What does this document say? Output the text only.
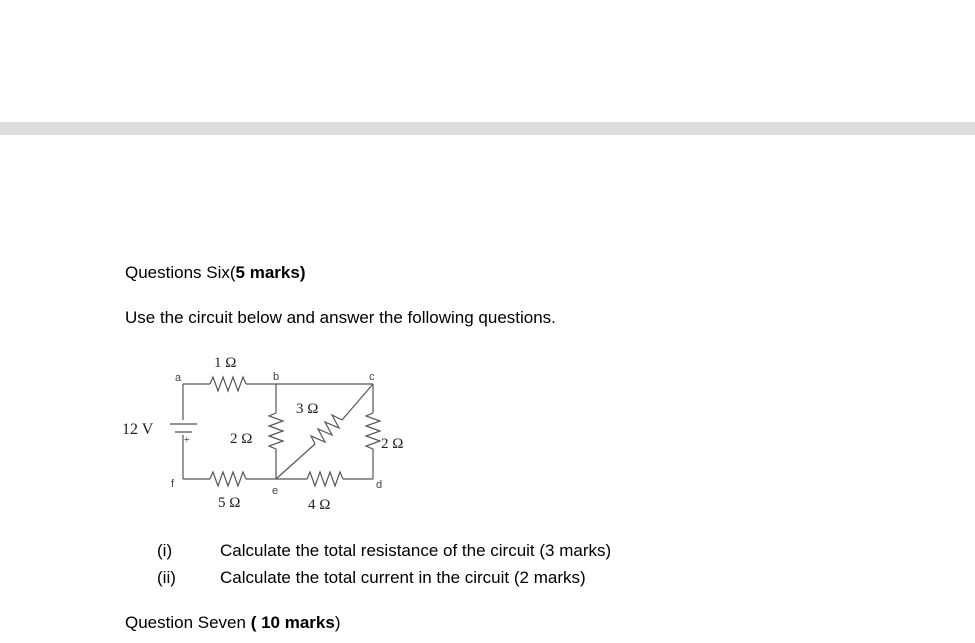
Questions Six(5 marks)
Use the circuit below and answer the following questions.
12 V
+
1 Ω
2 Ω
3 Ω
2 Ω
4 Ω
5 Ω
a	b	c
d
e
f
(i)	Calculate the total resistance of the circuit (3 marks)
(ii)	Calculate the total current in the circuit (2 marks)
Question Seven ( 10 marks)
